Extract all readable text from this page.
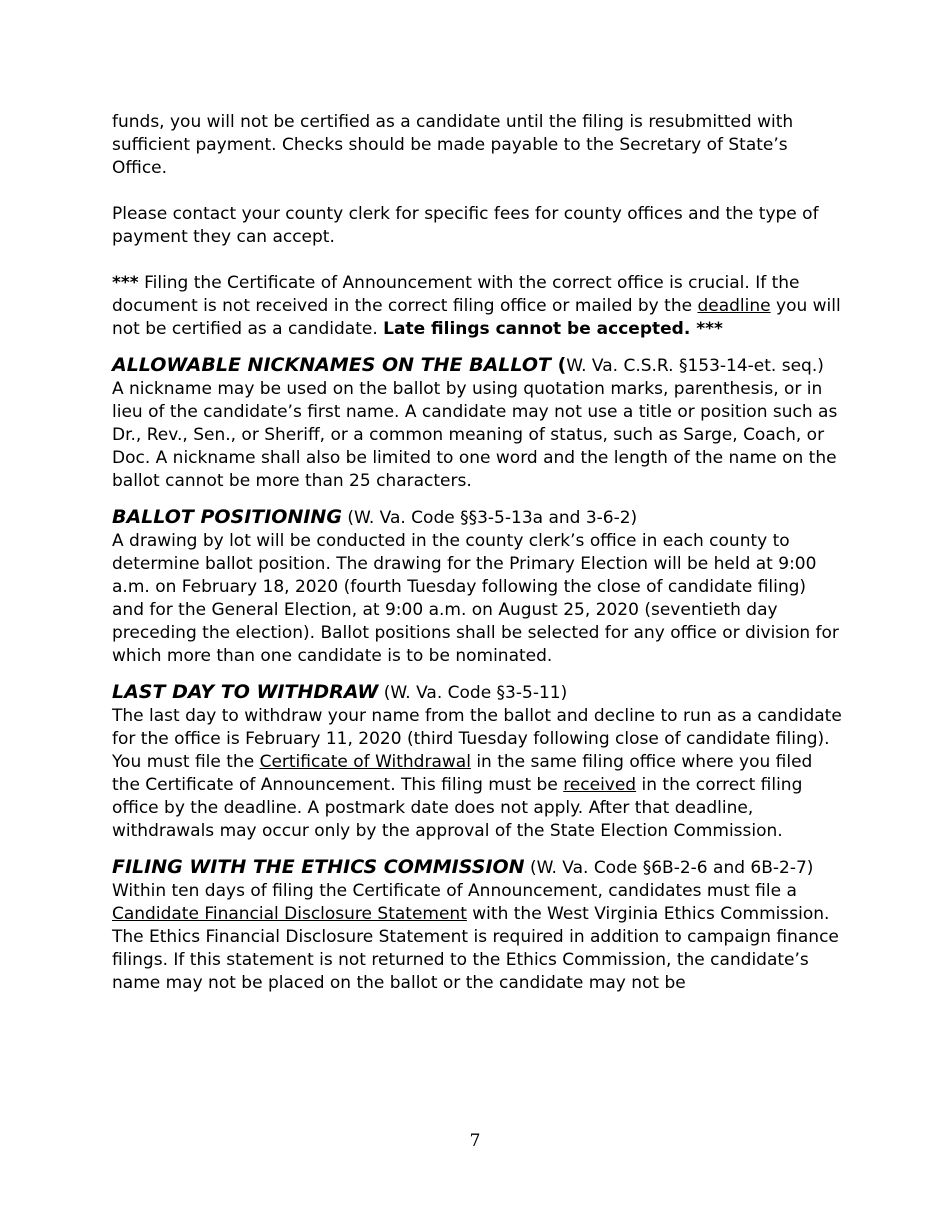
funds, you will not be certified as a candidate until the filing is resubmitted with sufficient payment. Checks should be made payable to the Secretary of State’s Office.

Please contact your county clerk for specific fees for county offices and the type of payment they can accept.

*** Filing the Certificate of Announcement with the correct office is crucial. If the document is not received in the correct filing office or mailed by the deadline you will not be certified as a candidate. Late filings cannot be accepted. ***

ALLOWABLE NICKNAMES ON THE BALLOT (W. Va. C.S.R. §153-14-et. seq.)

A nickname may be used on the ballot by using quotation marks, parenthesis, or in lieu of the candidate’s first name. A candidate may not use a title or position such as Dr., Rev., Sen., or Sheriff, or a common meaning of status, such as Sarge, Coach, or Doc. A nickname shall also be limited to one word and the length of the name on the ballot cannot be more than 25 characters.

BALLOT POSITIONING (W. Va. Code §§3-5-13a and 3-6-2)

A drawing by lot will be conducted in the county clerk’s office in each county to determine ballot position. The drawing for the Primary Election will be held at 9:00 a.m. on February 18, 2020 (fourth Tuesday following the close of candidate filing) and for the General Election, at 9:00 a.m. on August 25, 2020 (seventieth day preceding the election). Ballot positions shall be selected for any office or division for which more than one candidate is to be nominated.

LAST DAY TO WITHDRAW (W. Va. Code §3-5-11)

The last day to withdraw your name from the ballot and decline to run as a candidate for the office is February 11, 2020 (third Tuesday following close of candidate filing). You must file the Certificate of Withdrawal in the same filing office where you filed the Certificate of Announcement. This filing must be received in the correct filing office by the deadline. A postmark date does not apply. After that deadline, withdrawals may occur only by the approval of the State Election Commission.

FILING WITH THE ETHICS COMMISSION (W. Va. Code §6B-2-6 and 6B-2-7)

Within ten days of filing the Certificate of Announcement, candidates must file a Candidate Financial Disclosure Statement with the West Virginia Ethics Commission. The Ethics Financial Disclosure Statement is required in addition to campaign finance filings. If this statement is not returned to the Ethics Commission, the candidate’s name may not be placed on the ballot or the candidate may not be

7
